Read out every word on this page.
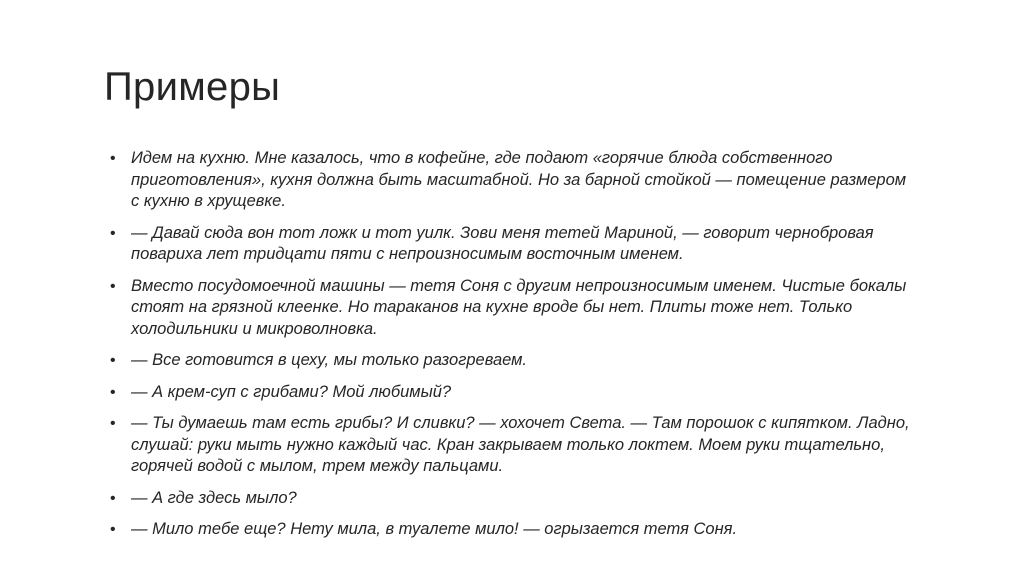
Примеры
• Идем на кухню. Мне казалось, что в кофейне, где подают «горячие блюда собственного приготовления», кухня должна быть масштабной. Но за барной стойкой — помещение размером с кухню в хрущевке.
• — Давай сюда вон тот ложк и тот уилк. Зови меня тетей Мариной, — говорит чернобровая повариха лет тридцати пяти с непроизносимым восточным именем.
• Вместо посудомоечной машины — тетя Соня с другим непроизносимым именем. Чистые бокалы стоят на грязной клеенке. Но тараканов на кухне вроде бы нет. Плиты тоже нет. Только холодильники и микроволновка.
• — Все готовится в цеху, мы только разогреваем.
• — А крем-суп с грибами? Мой любимый?
• — Ты думаешь там есть грибы? И сливки? — хохочет Света. — Там порошок с кипятком. Ладно, слушай: руки мыть нужно каждый час. Кран закрываем только локтем. Моем руки тщательно, горячей водой с мылом, трем между пальцами.
• — А где здесь мыло?
• — Мило тебе еще? Нету мила, в туалете мило! — огрызается тетя Соня.
